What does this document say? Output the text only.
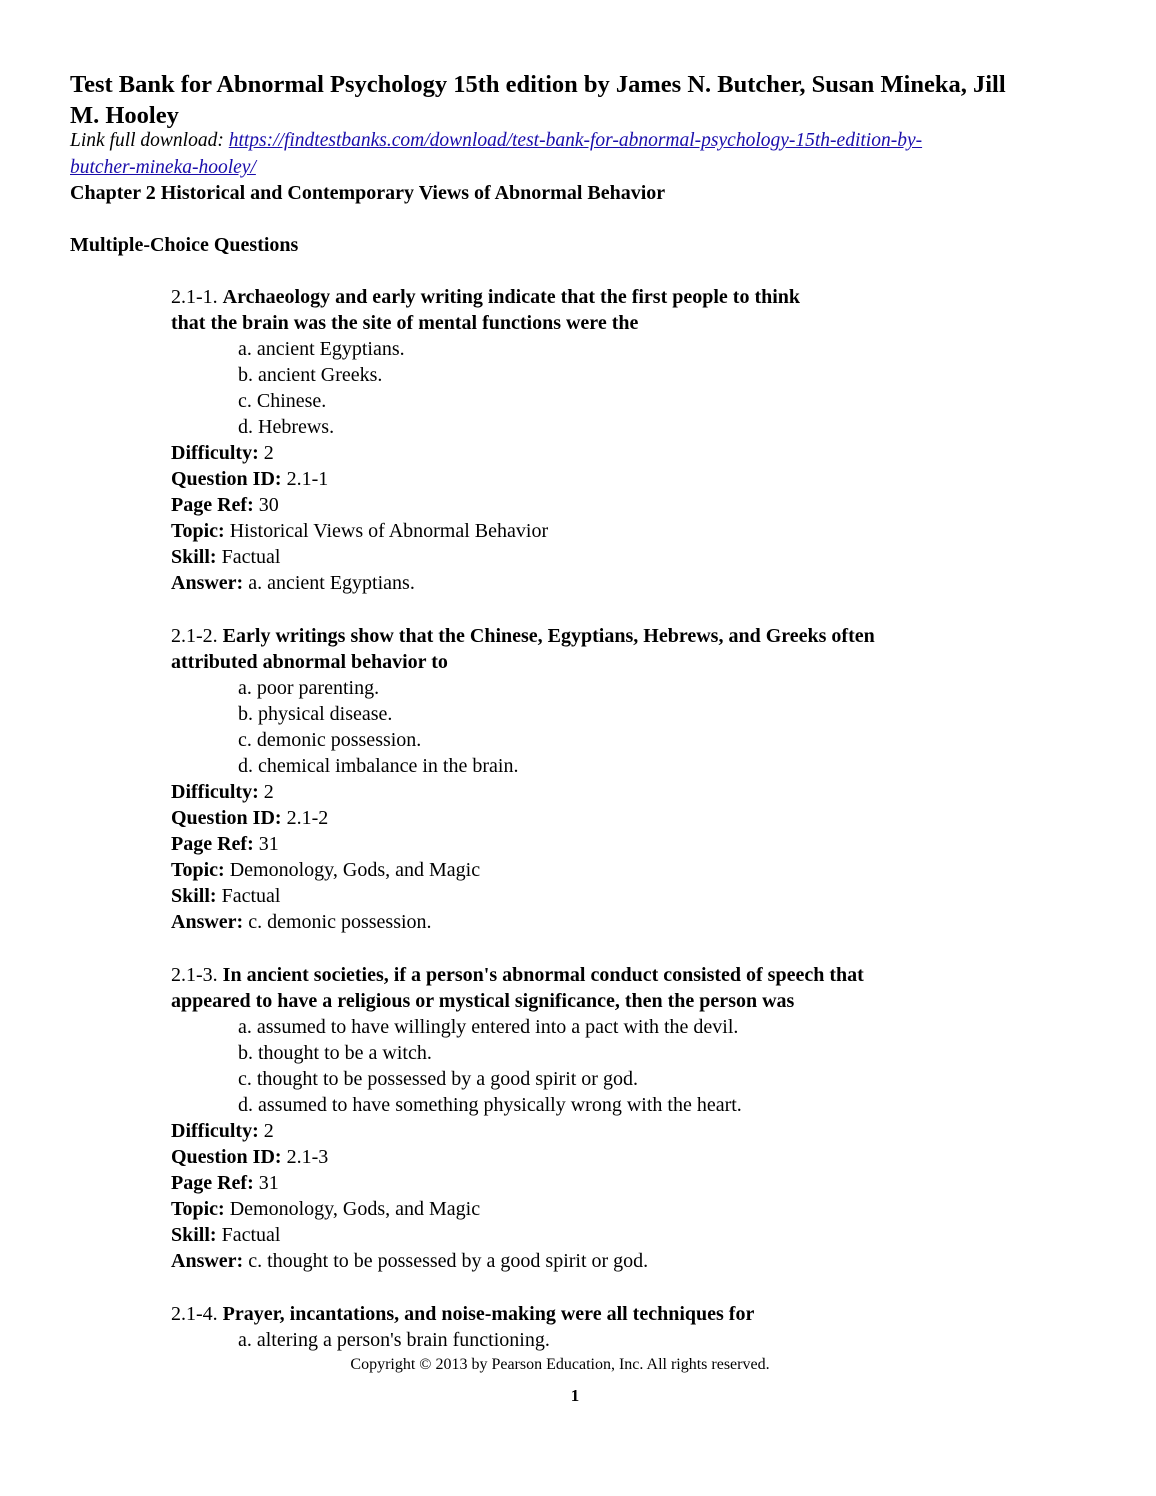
Test Bank for Abnormal Psychology 15th edition by James N. Butcher, Susan Mineka, Jill
M. Hooley
Link full download: https://findtestbanks.com/download/test-bank-for-abnormal-psychology-15th-edition-by-
butcher-mineka-hooley/
Chapter 2 Historical and Contemporary Views of Abnormal Behavior
Multiple-Choice Questions
2.1-1. Archaeology and early writing indicate that the first people to think
that the brain was the site of mental functions were the
a. ancient Egyptians.
b. ancient Greeks.
c. Chinese.
d. Hebrews.
Difficulty: 2
Question ID: 2.1-1
Page Ref: 30
Topic: Historical Views of Abnormal Behavior
Skill: Factual
Answer: a. ancient Egyptians.
2.1-2. Early writings show that the Chinese, Egyptians, Hebrews, and Greeks often
attributed abnormal behavior to
a. poor parenting.
b. physical disease.
c. demonic possession.
d. chemical imbalance in the brain.
Difficulty: 2
Question ID: 2.1-2
Page Ref: 31
Topic: Demonology, Gods, and Magic
Skill: Factual
Answer: c. demonic possession.
2.1-3. In ancient societies, if a person's abnormal conduct consisted of speech that
appeared to have a religious or mystical significance, then the person was
a. assumed to have willingly entered into a pact with the devil.
b. thought to be a witch.
c. thought to be possessed by a good spirit or god.
d. assumed to have something physically wrong with the heart.
Difficulty: 2
Question ID: 2.1-3
Page Ref: 31
Topic: Demonology, Gods, and Magic
Skill: Factual
Answer: c. thought to be possessed by a good spirit or god.
2.1-4. Prayer, incantations, and noise-making were all techniques for
a. altering a person's brain functioning.
Copyright © 2013 by Pearson Education, Inc. All rights reserved.
1
